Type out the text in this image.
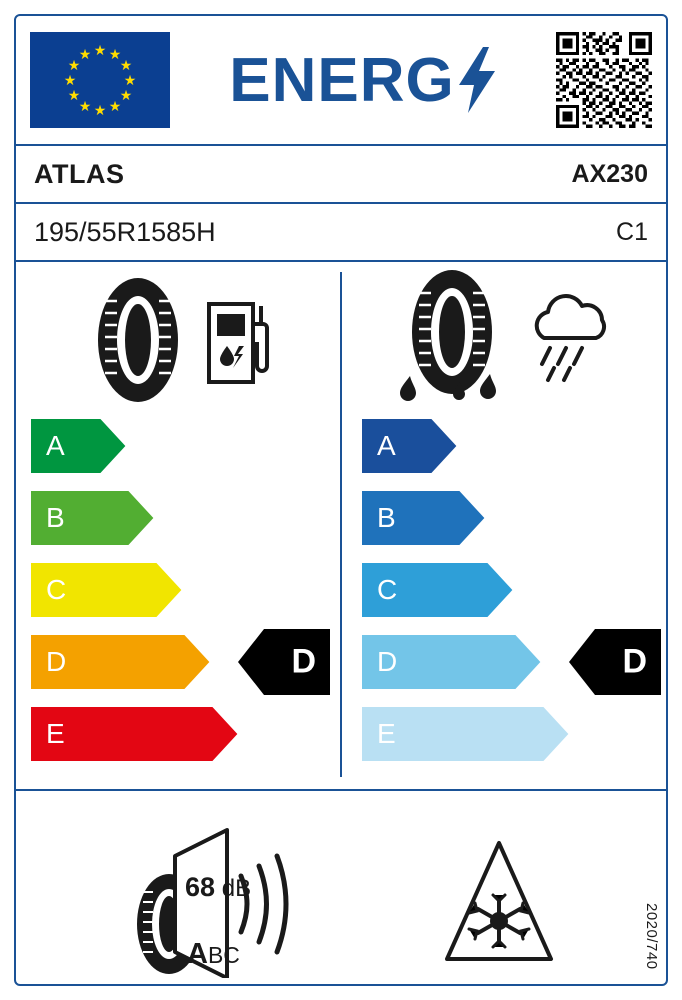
★ ★
★
★
★
★
★
★
★
★
★
★ ENERG
ATLAS	AX230
195/55R1585H	C1
A
B
C
D
E
D
A
B
C
D
E
D
68 dB
ABC	2020/740
